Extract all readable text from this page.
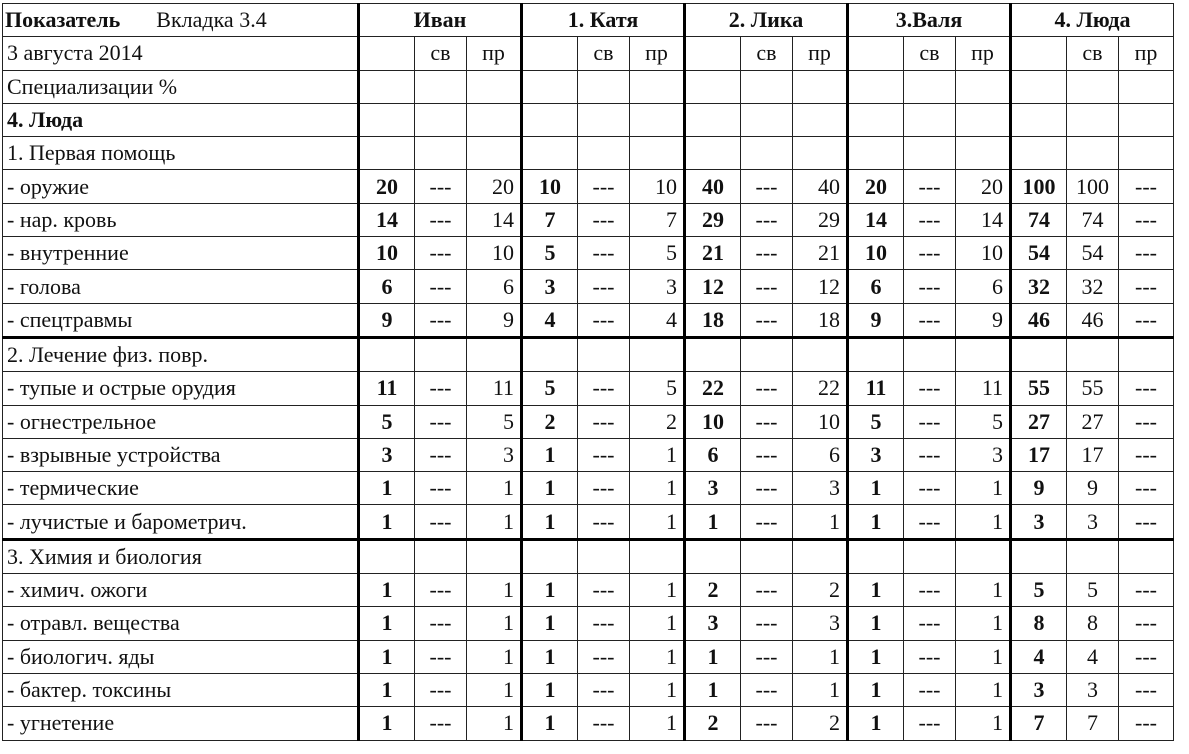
Показатель Вкладка 3.4	Иван			1. Катя			2. Лика			3.Валя			4. Люда		
3 августа 2014		св	пр		св	пр		св	пр		св	пр		св	пр
Специализации %															
4. Люда															
1. Первая помощь															
- оружие	20	---	20	10	---	10	40	---	40	20	---	20	100	100	---
- нар. кровь	14	---	14	7	---	7	29	---	29	14	---	14	74	74	---
- внутренние	10	---	10	5	---	5	21	---	21	10	---	10	54	54	---
- голова	6	---	6	3	---	3	12	---	12	6	---	6	32	32	---
- спецтравмы	9	---	9	4	---	4	18	---	18	9	---	9	46	46	---
2. Лечение физ. повр.															
- тупые и острые орудия	11	---	11	5	---	5	22	---	22	11	---	11	55	55	---
- огнестрельное	5	---	5	2	---	2	10	---	10	5	---	5	27	27	---
- взрывные устройства	3	---	3	1	---	1	6	---	6	3	---	3	17	17	---
- термические	1	---	1	1	---	1	3	---	3	1	---	1	9	9	---
- лучистые и барометрич.	1	---	1	1	---	1	1	---	1	1	---	1	3	3	---
3. Химия и биология															
- химич. ожоги	1	---	1	1	---	1	2	---	2	1	---	1	5	5	---
- отравл. вещества	1	---	1	1	---	1	3	---	3	1	---	1	8	8	---
- биологич. яды	1	---	1	1	---	1	1	---	1	1	---	1	4	4	---
- бактер. токсины	1	---	1	1	---	1	1	---	1	1	---	1	3	3	---
- угнетение	1	---	1	1	---	1	2	---	2	1	---	1	7	7	---
